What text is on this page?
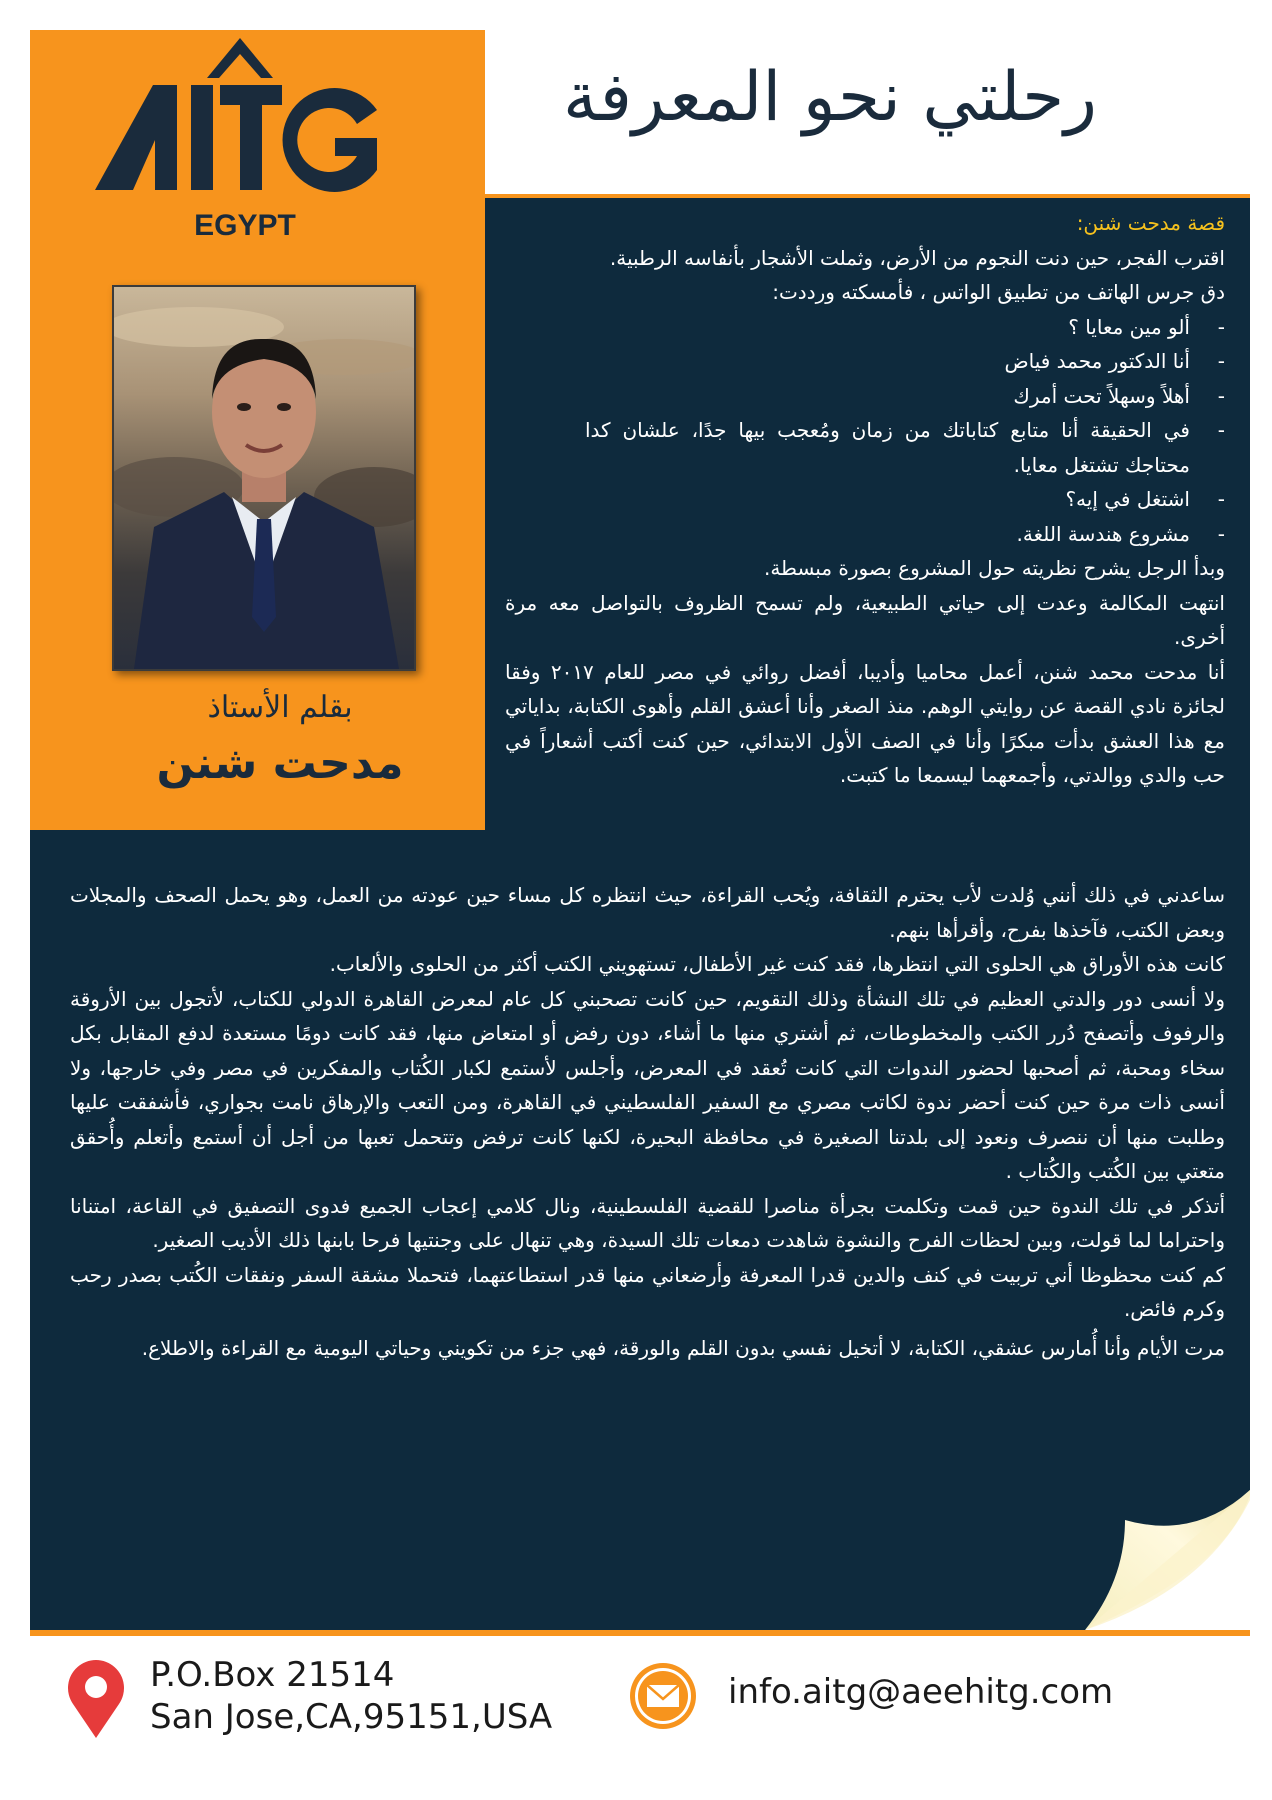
EGYPT
بقلم الأستاذ
مدحت شنن
رحلتي نحو المعرفة

قصة مدحت شنن:

اقترب الفجر، حين دنت النجوم من الأرض، وثملت الأشجار بأنفاسه الرطبية.

دق جرس الهاتف من تطبيق الواتس ، فأمسكته ورددت:

- ألو مين معايا ؟
- أنا الدكتور محمد فياض
- أهلاً وسهلاً تحت أمرك
- في الحقيقة أنا متابع كتاباتك من زمان ومُعجب بيها جدًا، علشان كدا محتاجك تشتغل معايا.
- اشتغل في إيه؟
- مشروع هندسة اللغة.

وبدأ الرجل يشرح نظريته حول المشروع بصورة مبسطة.

انتهت المكالمة وعدت إلى حياتي الطبيعية، ولم تسمح الظروف بالتواصل معه مرة أخرى.

أنا مدحت محمد شنن، أعمل محاميا وأديبا، أفضل روائي في مصر للعام ٢٠١٧ وفقا لجائزة نادي القصة عن روايتي الوهم. منذ الصغر وأنا أعشق القلم وأهوى الكتابة، بداياتي مع هذا العشق بدأت مبكرًا وأنا في الصف الأول الابتدائي، حين كنت أكتب أشعاراً في حب والدي ووالدتي، وأجمعهما ليسمعا ما كتبت.

ساعدني في ذلك أنني وُلدت لأب يحترم الثقافة، ويُحب القراءة، حيث انتظره كل مساء حين عودته من العمل، وهو يحمل الصحف والمجلات وبعض الكتب، فآخذها بفرح، وأقرأها بنهم.

كانت هذه الأوراق هي الحلوى التي انتظرها، فقد كنت غير الأطفال، تستهويني الكتب أكثر من الحلوى والألعاب.

ولا أنسى دور والدتي العظيم في تلك النشأة وذلك التقويم، حين كانت تصحبني كل عام لمعرض القاهرة الدولي للكتاب، لأتجول بين الأروقة والرفوف وأتصفح دُرر الكتب والمخطوطات، ثم أشتري منها ما أشاء، دون رفض أو امتعاض منها، فقد كانت دومًا مستعدة لدفع المقابل بكل سخاء ومحبة، ثم أصحبها لحضور الندوات التي كانت تُعقد في المعرض، وأجلس لأستمع لكبار الكُتاب والمفكرين في مصر وفي خارجها، ولا أنسى ذات مرة حين كنت أحضر ندوة لكاتب مصري مع السفير الفلسطيني في القاهرة، ومن التعب والإرهاق نامت بجواري، فأشفقت عليها وطلبت منها أن ننصرف ونعود إلى بلدتنا الصغيرة في محافظة البحيرة، لكنها كانت ترفض وتتحمل تعبها من أجل أن أستمع وأتعلم وأُحقق متعتي بين الكُتب والكُتاب .

أتذكر في تلك الندوة حين قمت وتكلمت بجرأة مناصرا للقضية الفلسطينية، ونال كلامي إعجاب الجميع فدوى التصفيق في القاعة، امتنانا واحتراما لما قولت، وبين لحظات الفرح والنشوة شاهدت دمعات تلك السيدة، وهي تنهال على وجنتيها فرحا بابنها ذلك الأديب الصغير.

كم كنت محظوظا أني تربيت في كنف والدين قدرا المعرفة وأرضعاني منها قدر استطاعتهما، فتحملا مشقة السفر ونفقات الكُتب بصدر رحب وكرم فائض.

مرت الأيام وأنا أُمارس عشقي، الكتابة، لا أتخيل نفسي بدون القلم والورقة، فهي جزء من تكويني وحياتي اليومية مع القراءة والاطلاع.

P.O.Box 21514
San Jose,CA,95151,USA
info.aitg@aeehitg.com
